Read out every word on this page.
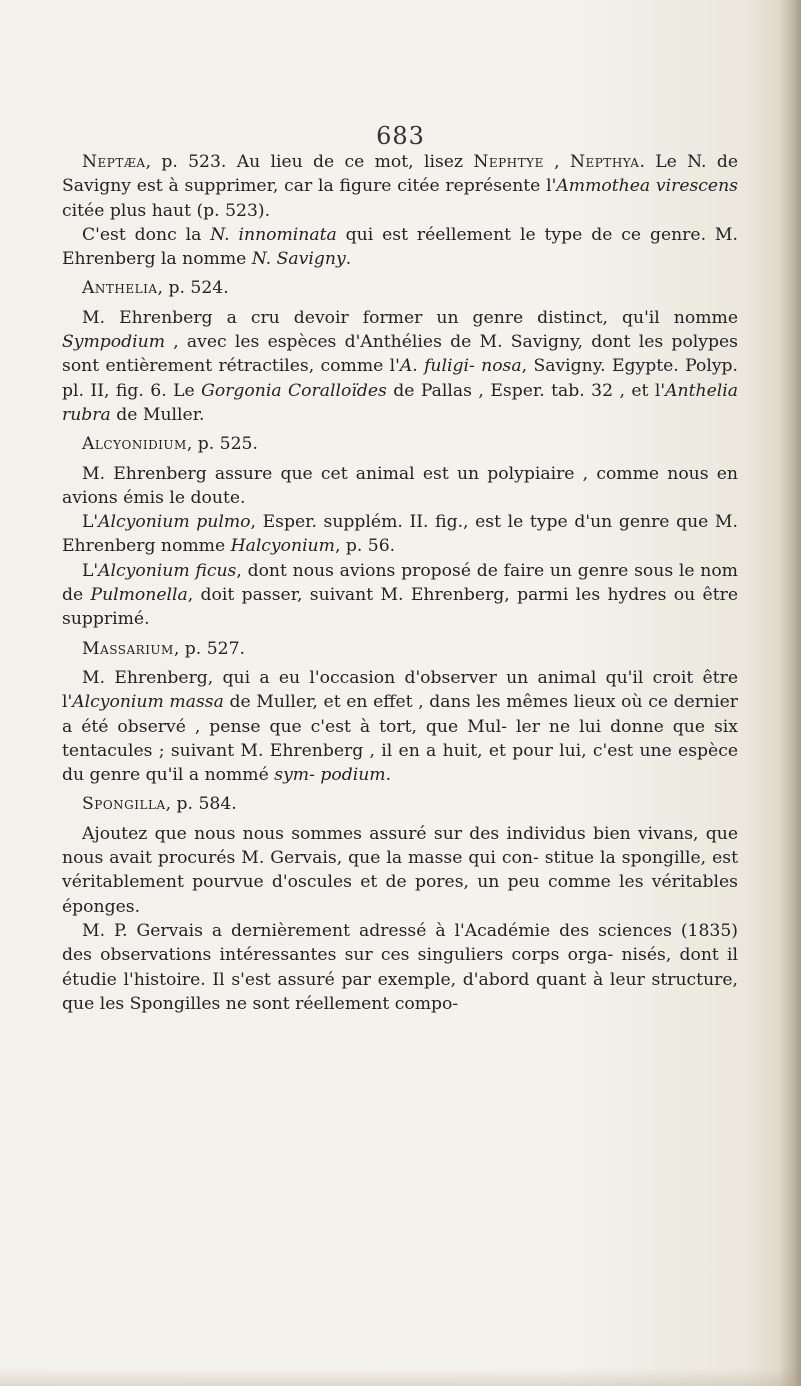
683

Neptæa, p. 523. Au lieu de ce mot, lisez Nephtye , Nepthya. Le N. de Savigny est à supprimer, car la figure citée représente l'Ammothea virescens citée plus haut (p. 523).

C'est donc la N. innominata qui est réellement le type de ce genre. M. Ehrenberg la nomme N. Savigny.

Anthelia, p. 524.

M. Ehrenberg a cru devoir former un genre distinct, qu'il nomme Sympodium , avec les espèces d'Anthélies de M. Savigny, dont les polypes sont entièrement rétractiles, comme l'A. fuligi- nosa, Savigny. Egypte. Polyp. pl. II, fig. 6. Le Gorgonia Coralloïdes de Pallas , Esper. tab. 32 , et l'Anthelia rubra de Muller.

Alcyonidium, p. 525.

M. Ehrenberg assure que cet animal est un polypiaire , comme nous en avions émis le doute.

L'Alcyonium pulmo, Esper. supplém. II. fig., est le type d'un genre que M. Ehrenberg nomme Halcyonium, p. 56.

L'Alcyonium ficus, dont nous avions proposé de faire un genre sous le nom de Pulmonella, doit passer, suivant M. Ehrenberg, parmi les hydres ou être supprimé.

Massarium, p. 527.

M. Ehrenberg, qui a eu l'occasion d'observer un animal qu'il croit être l'Alcyonium massa de Muller, et en effet , dans les mêmes lieux où ce dernier a été observé , pense que c'est à tort, que Mul- ler ne lui donne que six tentacules ; suivant M. Ehrenberg , il en a huit, et pour lui, c'est une espèce du genre qu'il a nommé sym- podium.

Spongilla, p. 584.

Ajoutez que nous nous sommes assuré sur des individus bien vivans, que nous avait procurés M. Gervais, que la masse qui con- stitue la spongille, est véritablement pourvue d'oscules et de pores, un peu comme les véritables éponges.

M. P. Gervais a dernièrement adressé à l'Académie des sciences (1835) des observations intéressantes sur ces singuliers corps orga- nisés, dont il étudie l'histoire. Il s'est assuré par exemple, d'abord quant à leur structure, que les Spongilles ne sont réellement compo-
